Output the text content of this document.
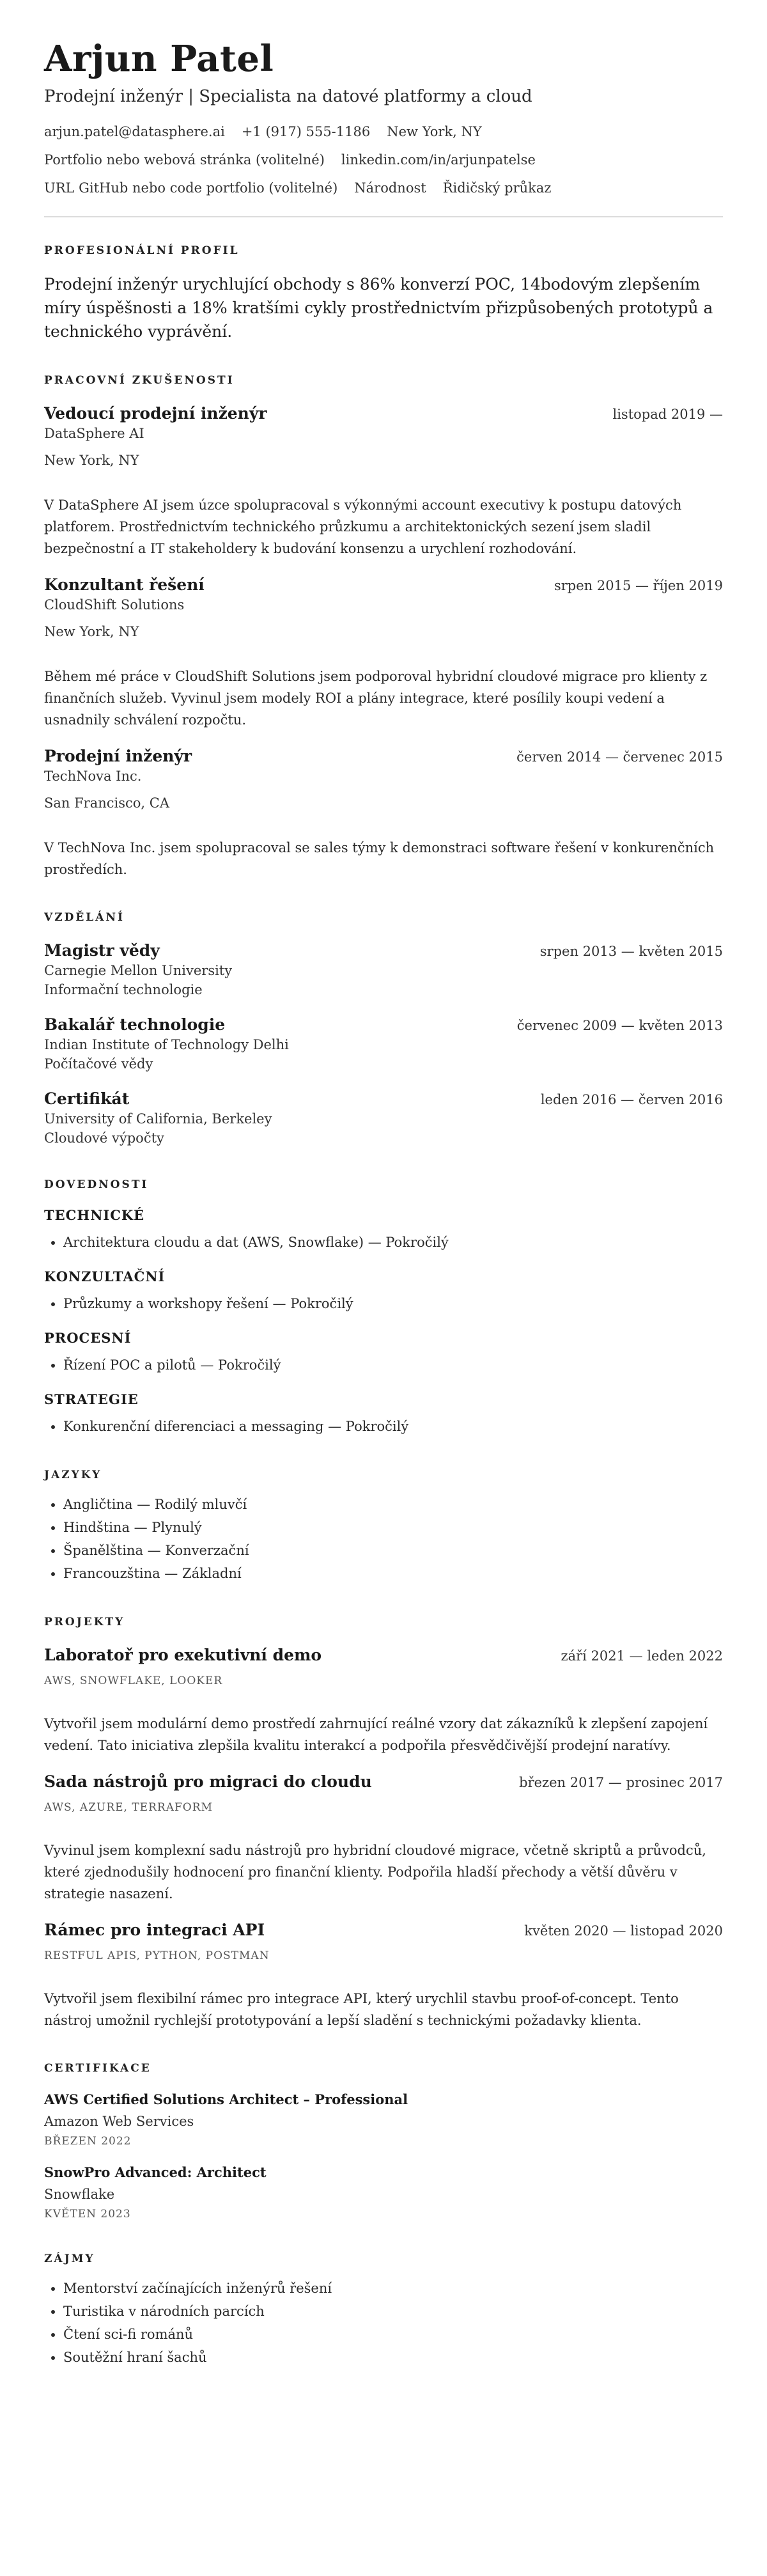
Arjun Patel
Prodejní inženýr | Specialista na datové platformy a cloud
arjun.patel@datasphere.ai +1 (917) 555-1186 New York, NY
Portfolio nebo webová stránka (volitelné) linkedin.com/in/arjunpatelse
URL GitHub nebo code portfolio (volitelné) Národnost Řidičský průkaz
PROFESIONÁLNÍ PROFIL
Prodejní inženýr urychlující obchody s 86% konverzí POC, 14bodovým zlepšením míry úspěšnosti a 18% kratšími cykly prostřednictvím přizpůsobených prototypů a technického vyprávění.
PRACOVNÍ ZKUŠENOSTI
Vedoucí prodejní inženýr	listopad 2019 —
DataSphere AI
New York, NY
V DataSphere AI jsem úzce spolupracoval s výkonnými account executivy k postupu datových platforem. Prostřednictvím technického průzkumu a architektonických sezení jsem sladil bezpečnostní a IT stakeholdery k budování konsenzu a urychlení rozhodování.
Konzultant řešení	srpen 2015 — říjen 2019
CloudShift Solutions
New York, NY
Během mé práce v CloudShift Solutions jsem podporoval hybridní cloudové migrace pro klienty z finančních služeb. Vyvinul jsem modely ROI a plány integrace, které posílily koupi vedení a usnadnily schválení rozpočtu.
Prodejní inženýr	červen 2014 — červenec 2015
TechNova Inc.
San Francisco, CA
V TechNova Inc. jsem spolupracoval se sales týmy k demonstraci software řešení v konkurenčních prostředích.
VZDĚLÁNÍ
Magistr vědy	srpen 2013 — květen 2015
Carnegie Mellon University
Informační technologie
Bakalář technologie	červenec 2009 — květen 2013
Indian Institute of Technology Delhi
Počítačové vědy
Certifikát	leden 2016 — červen 2016
University of California, Berkeley
Cloudové výpočty
DOVEDNOSTI
TECHNICKÉ
• Architektura cloudu a dat (AWS, Snowflake) — Pokročilý
KONZULTAČNÍ
• Průzkumy a workshopy řešení — Pokročilý
PROCESNÍ
• Řízení POC a pilotů — Pokročilý
STRATEGIE
• Konkurenční diferenciaci a messaging — Pokročilý
JAZYKY
• Angličtina — Rodilý mluvčí
• Hindština — Plynulý
• Španělština — Konverzační
• Francouzština — Základní
PROJEKTY
Laboratoř pro exekutivní demo	září 2021 — leden 2022
AWS, SNOWFLAKE, LOOKER
Vytvořil jsem modulární demo prostředí zahrnující reálné vzory dat zákazníků k zlepšení zapojení vedení. Tato iniciativa zlepšila kvalitu interakcí a podpořila přesvědčivější prodejní naratívy.
Sada nástrojů pro migraci do cloudu	březen 2017 — prosinec 2017
AWS, AZURE, TERRAFORM
Vyvinul jsem komplexní sadu nástrojů pro hybridní cloudové migrace, včetně skriptů a průvodců, které zjednodušily hodnocení pro finanční klienty. Podpořila hladší přechody a větší důvěru v strategie nasazení.
Rámec pro integraci API	květen 2020 — listopad 2020
RESTFUL APIS, PYTHON, POSTMAN
Vytvořil jsem flexibilní rámec pro integrace API, který urychlil stavbu proof-of-concept. Tento nástroj umožnil rychlejší prototypování a lepší sladění s technickými požadavky klienta.
CERTIFIKACE
AWS Certified Solutions Architect – Professional
Amazon Web Services
BŘEZEN 2022
SnowPro Advanced: Architect
Snowflake
KVĚTEN 2023
ZÁJMY
• Mentorství začínajících inženýrů řešení
• Turistika v národních parcích
• Čtení sci-fi románů
• Soutěžní hraní šachů
